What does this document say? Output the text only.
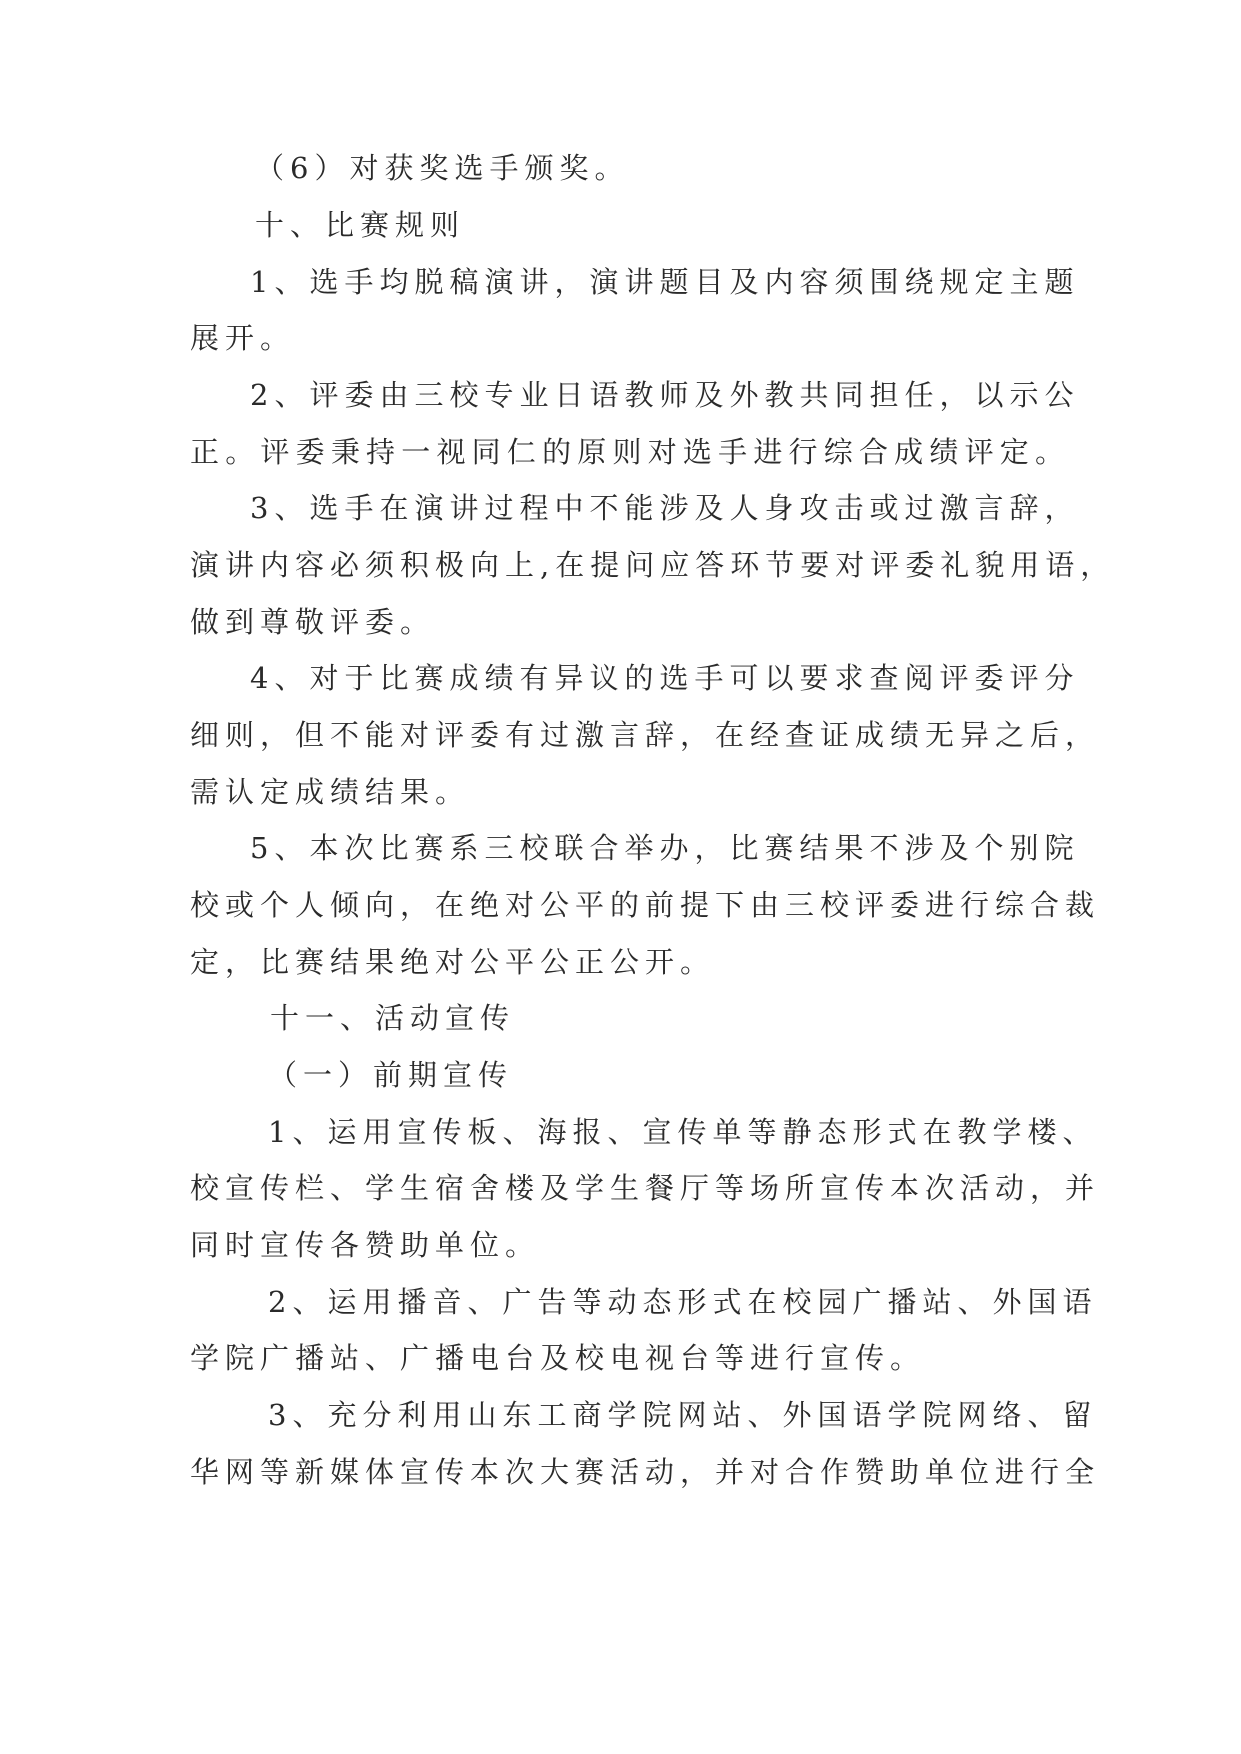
（6）对获奖选手颁奖。
十、比赛规则
1、选手均脱稿演讲，演讲题目及内容须围绕规定主题
展开。
2、评委由三校专业日语教师及外教共同担任，以示公
正。评委秉持一视同仁的原则对选手进行综合成绩评定。
3、选手在演讲过程中不能涉及人身攻击或过激言辞，
演讲内容必须积极向上,在提问应答环节要对评委礼貌用语，
做到尊敬评委。
4、对于比赛成绩有异议的选手可以要求查阅评委评分
细则，但不能对评委有过激言辞，在经查证成绩无异之后，
需认定成绩结果。
5、本次比赛系三校联合举办，比赛结果不涉及个别院
校或个人倾向，在绝对公平的前提下由三校评委进行综合裁
定，比赛结果绝对公平公正公开。
十一、活动宣传
（一）前期宣传
1、运用宣传板、海报、宣传单等静态形式在教学楼、
校宣传栏、学生宿舍楼及学生餐厅等场所宣传本次活动，并
同时宣传各赞助单位。
2、运用播音、广告等动态形式在校园广播站、外国语
学院广播站、广播电台及校电视台等进行宣传。
3、充分利用山东工商学院网站、外国语学院网络、留
华网等新媒体宣传本次大赛活动，并对合作赞助单位进行全
